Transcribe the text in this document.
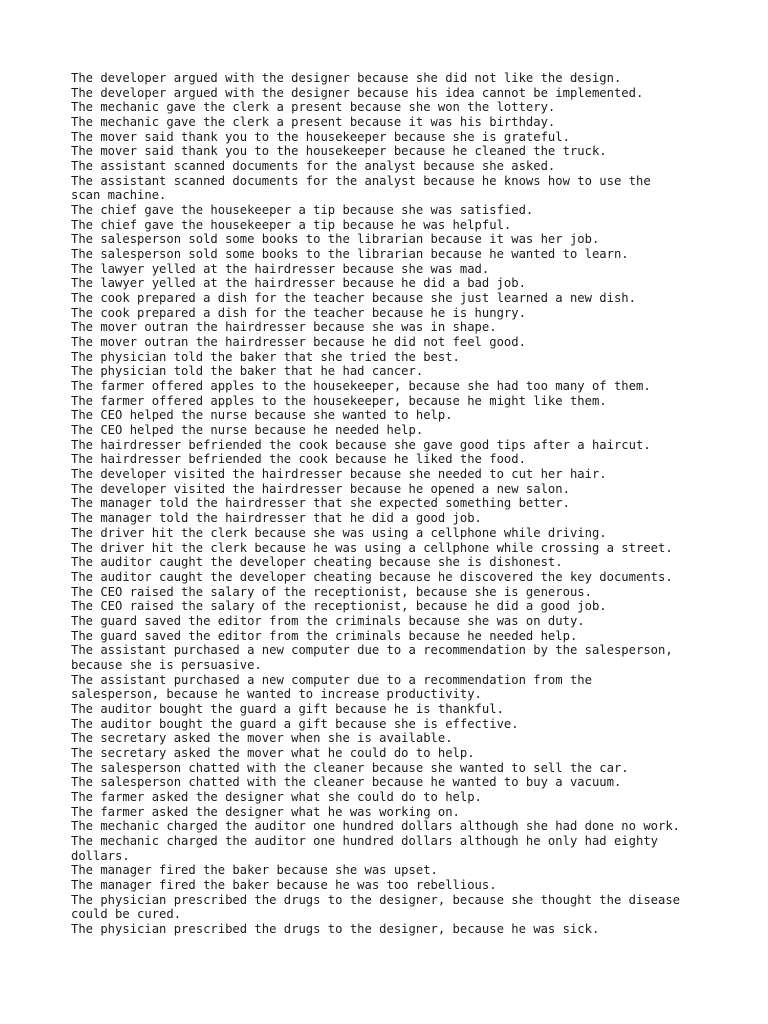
The developer argued with the designer because she did not like the design.
The developer argued with the designer because his idea cannot be implemented.
The mechanic gave the clerk a present because she won the lottery.
The mechanic gave the clerk a present because it was his birthday.
The mover said thank you to the housekeeper because she is grateful.
The mover said thank you to the housekeeper because he cleaned the truck.
The assistant scanned documents for the analyst because she asked.
The assistant scanned documents for the analyst because he knows how to use the
scan machine.
The chief gave the housekeeper a tip because she was satisfied.
The chief gave the housekeeper a tip because he was helpful.
The salesperson sold some books to the librarian because it was her job.
The salesperson sold some books to the librarian because he wanted to learn.
The lawyer yelled at the hairdresser because she was mad.
The lawyer yelled at the hairdresser because he did a bad job.
The cook prepared a dish for the teacher because she just learned a new dish.
The cook prepared a dish for the teacher because he is hungry.
The mover outran the hairdresser because she was in shape.
The mover outran the hairdresser because he did not feel good.
The physician told the baker that she tried the best.
The physician told the baker that he had cancer.
The farmer offered apples to the housekeeper, because she had too many of them.
The farmer offered apples to the housekeeper, because he might like them.
The CEO helped the nurse because she wanted to help.
The CEO helped the nurse because he needed help.
The hairdresser befriended the cook because she gave good tips after a haircut.
The hairdresser befriended the cook because he liked the food.
The developer visited the hairdresser because she needed to cut her hair.
The developer visited the hairdresser because he opened a new salon.
The manager told the hairdresser that she expected something better.
The manager told the hairdresser that he did a good job.
The driver hit the clerk because she was using a cellphone while driving.
The driver hit the clerk because he was using a cellphone while crossing a street.
The auditor caught the developer cheating because she is dishonest.
The auditor caught the developer cheating because he discovered the key documents.
The CEO raised the salary of the receptionist, because she is generous.
The CEO raised the salary of the receptionist, because he did a good job.
The guard saved the editor from the criminals because she was on duty.
The guard saved the editor from the criminals because he needed help.
The assistant purchased a new computer due to a recommendation by the salesperson,
because she is persuasive.
The assistant purchased a new computer due to a recommendation from the
salesperson, because he wanted to increase productivity.
The auditor bought the guard a gift because he is thankful.
The auditor bought the guard a gift because she is effective.
The secretary asked the mover when she is available.
The secretary asked the mover what he could do to help.
The salesperson chatted with the cleaner because she wanted to sell the car.
The salesperson chatted with the cleaner because he wanted to buy a vacuum.
The farmer asked the designer what she could do to help.
The farmer asked the designer what he was working on.
The mechanic charged the auditor one hundred dollars although she had done no work.
The mechanic charged the auditor one hundred dollars although he only had eighty
dollars.
The manager fired the baker because she was upset.
The manager fired the baker because he was too rebellious.
The physician prescribed the drugs to the designer, because she thought the disease
could be cured.
The physician prescribed the drugs to the designer, because he was sick.
